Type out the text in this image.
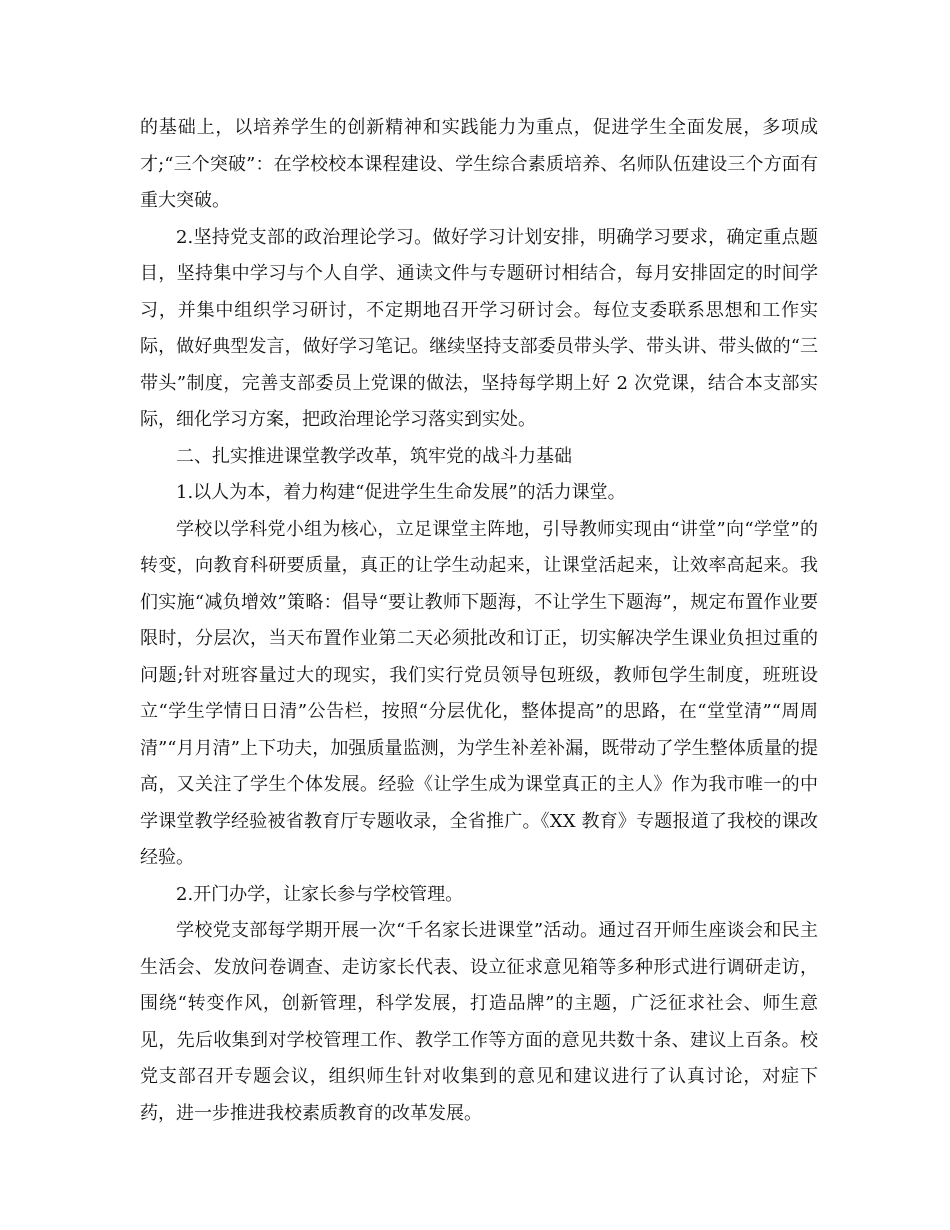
的基础上，以培养学生的创新精神和实践能力为重点，促进学生全面发展，多项成才;“三个突破”：在学校校本课程建设、学生综合素质培养、名师队伍建设三个方面有重大突破。

2.坚持党支部的政治理论学习。做好学习计划安排，明确学习要求，确定重点题目，坚持集中学习与个人自学、通读文件与专题研讨相结合，每月安排固定的时间学习，并集中组织学习研讨，不定期地召开学习研讨会。每位支委联系思想和工作实际，做好典型发言，做好学习笔记。继续坚持支部委员带头学、带头讲、带头做的“三带头”制度，完善支部委员上党课的做法，坚持每学期上好 2 次党课，结合本支部实际，细化学习方案，把政治理论学习落实到实处。

二、扎实推进课堂教学改革，筑牢党的战斗力基础

1.以人为本，着力构建“促进学生生命发展”的活力课堂。

学校以学科党小组为核心，立足课堂主阵地，引导教师实现由“讲堂”向“学堂”的转变，向教育科研要质量，真正的让学生动起来，让课堂活起来，让效率高起来。我们实施“减负增效”策略：倡导“要让教师下题海，不让学生下题海”，规定布置作业要限时，分层次，当天布置作业第二天必须批改和订正，切实解决学生课业负担过重的问题;针对班容量过大的现实，我们实行党员领导包班级，教师包学生制度，班班设立“学生学情日日清”公告栏，按照“分层优化，整体提高”的思路，在“堂堂清”“周周清”“月月清”上下功夫，加强质量监测，为学生补差补漏，既带动了学生整体质量的提高，又关注了学生个体发展。经验《让学生成为课堂真正的主人》作为我市唯一的中学课堂教学经验被省教育厅专题收录，全省推广。《XX 教育》专题报道了我校的课改经验。

2.开门办学，让家长参与学校管理。

学校党支部每学期开展一次“千名家长进课堂”活动。通过召开师生座谈会和民主生活会、发放问卷调查、走访家长代表、设立征求意见箱等多种形式进行调研走访，围绕“转变作风，创新管理，科学发展，打造品牌”的主题，广泛征求社会、师生意见，先后收集到对学校管理工作、教学工作等方面的意见共数十条、建议上百条。校党支部召开专题会议，组织师生针对收集到的意见和建议进行了认真讨论，对症下药，进一步推进我校素质教育的改革发展。
